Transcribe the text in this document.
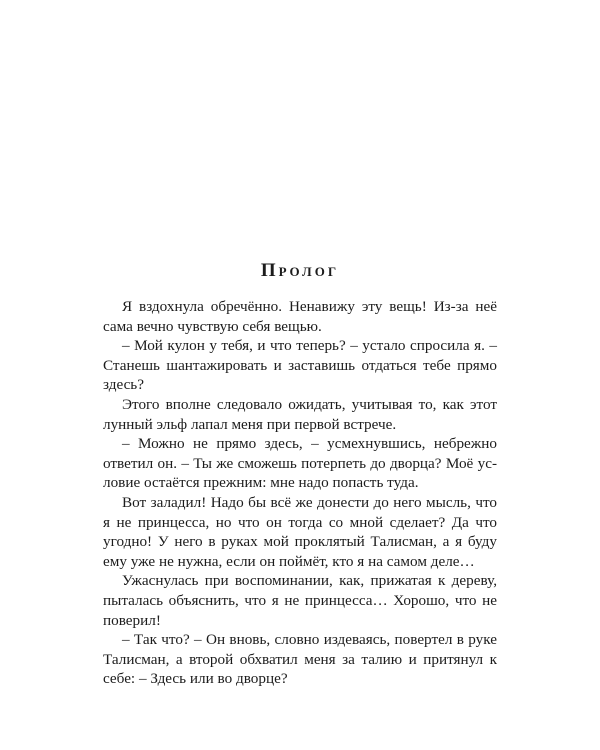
Пролог

Я вздохнула обречённо. Ненавижу эту вещь! Из-за неё сама вечно чувствую себя вещью.

– Мой кулон у тебя, и что теперь? – устало спросила я. – Станешь шантажировать и заставишь отдаться тебе прямо здесь?

Этого вполне следовало ожидать, учитывая то, как этот лунный эльф лапал меня при первой встрече.

– Можно не прямо здесь, – усмехнувшись, небрежно ответил он. – Ты же сможешь потерпеть до дворца? Моё условие остаётся прежним: мне надо попасть туда.

Вот заладил! Надо бы всё же донести до него мысль, что я не принцесса, но что он тогда со мной сделает? Да что угодно! У него в руках мой проклятый Талисман, а я буду ему уже не нужна, если он поймёт, кто я на самом деле…

Ужаснулась при воспоминании, как, прижатая к дереву, пыталась объяснить, что я не принцесса… Хорошо, что не поверил!

– Так что? – Он вновь, словно издеваясь, повертел в руке Талисман, а второй обхватил меня за талию и притянул к себе: – Здесь или во дворце?
